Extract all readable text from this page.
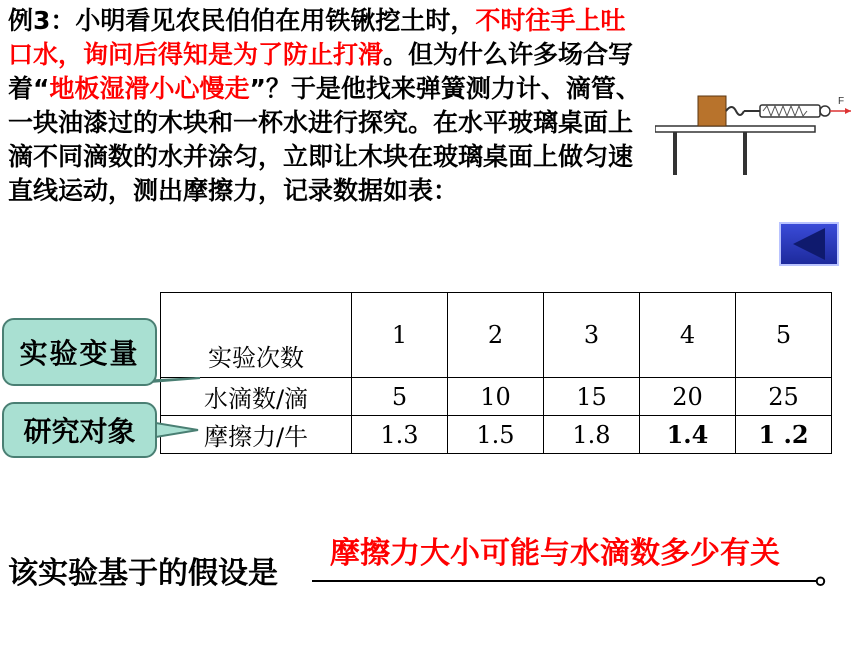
例3：小明看见农民伯伯在用铁锹挖土时，不时往手上吐口水，询问后得知是为了防止打滑。但为什么许多场合写着“地板湿滑小心慢走”？于是他找来弹簧测力计、滴管、一块油漆过的木块和一杯水进行探究。在水平玻璃桌面上滴不同滴数的水并涂匀，立即让木块在玻璃桌面上做匀速直线运动，测出摩擦力，记录数据如表：
F
实验次数	1	2	3	4	5
水滴数/滴	5	10	15	20	25
摩擦力/牛	1.3	1.5	1.8	1.4	1 .2
实验变量
研究对象
该实验基于的假设是
摩擦力大小可能与水滴数多少有关
。
